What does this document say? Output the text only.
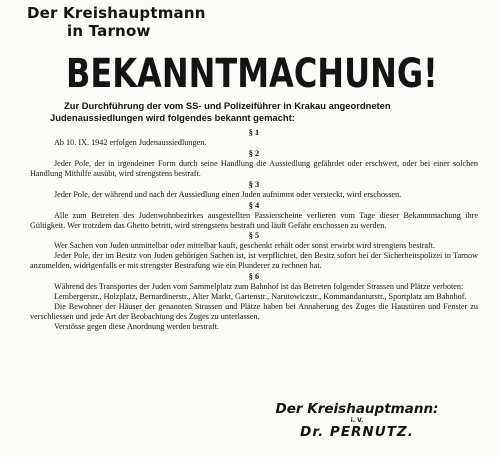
Der Kreishauptmann
in Tarnow
BEKANNTMACHUNG!
Zur Durchführung der vom SS- und Polizeiführer in Krakau angeordneten Judenaussiedlungen wird folgendes bekannt gemacht:
§ 1

Ab 10. IX. 1942 erfolgen Judenaussiedlungen.

§ 2

Jeder Pole, der in irgendeiner Form durch seine Handlung die Aussiedlung gefährdet oder erschwert, oder bei einer solchen Handlung Mithilfe ausübt, wird strengstens bestraft.

§ 3

Jeder Pole, der während und nach der Aussiedlung einen Juden aufnimmt oder versteckt, wird erschossen.

§ 4

Alle zum Betreten des Judenwohnbezirkes ausgestellten Passierscheine verlieren vom Tage dieser Bekanntmachung ihre Gültigkeit. Wer trotzdem das Ghetto betritt, wird strengstens bestraft und läuft Gefahr erschossen zu werden.

§ 5

Wer Sachen von Juden unmittelbar oder mittelbar kauft, geschenkt erhält oder sonst erwirbt wird strengtens bestraft.

Jeder Pole, der im Besitz von Juden gehörigen Sachen ist, ist verpflichtet, den Besitz sofort bei der Sicherheitspolizei in Tarnow anzumelden, widrigenfalls er mit strengster Bestrafung wie ein Plunderer zu rechnen hat.

§ 6

Während des Transportes der Juden vom Sammelplatz zum Bahnhof ist das Betreten folgender Strassen und Plätze verboten:

Lembergerstr., Holzplatz, Bernardinerstr., Alter Markt, Gartenstr., Narutowiczstr., Kommandanturstr., Sportplatz am Bahnhof.

Die Bewohner der Häuser der genannten Strassen und Plätze haben bei Annaherung des Zuges die Haustüren und Fenster zu verschliessen und jede Art der Beobachtung des Zuges zu unterlassen.

Verstösse gegen diese Anordnung werden bestraft.

Der Kreishauptmann:
i. V.
Dr. PERNUTZ.
